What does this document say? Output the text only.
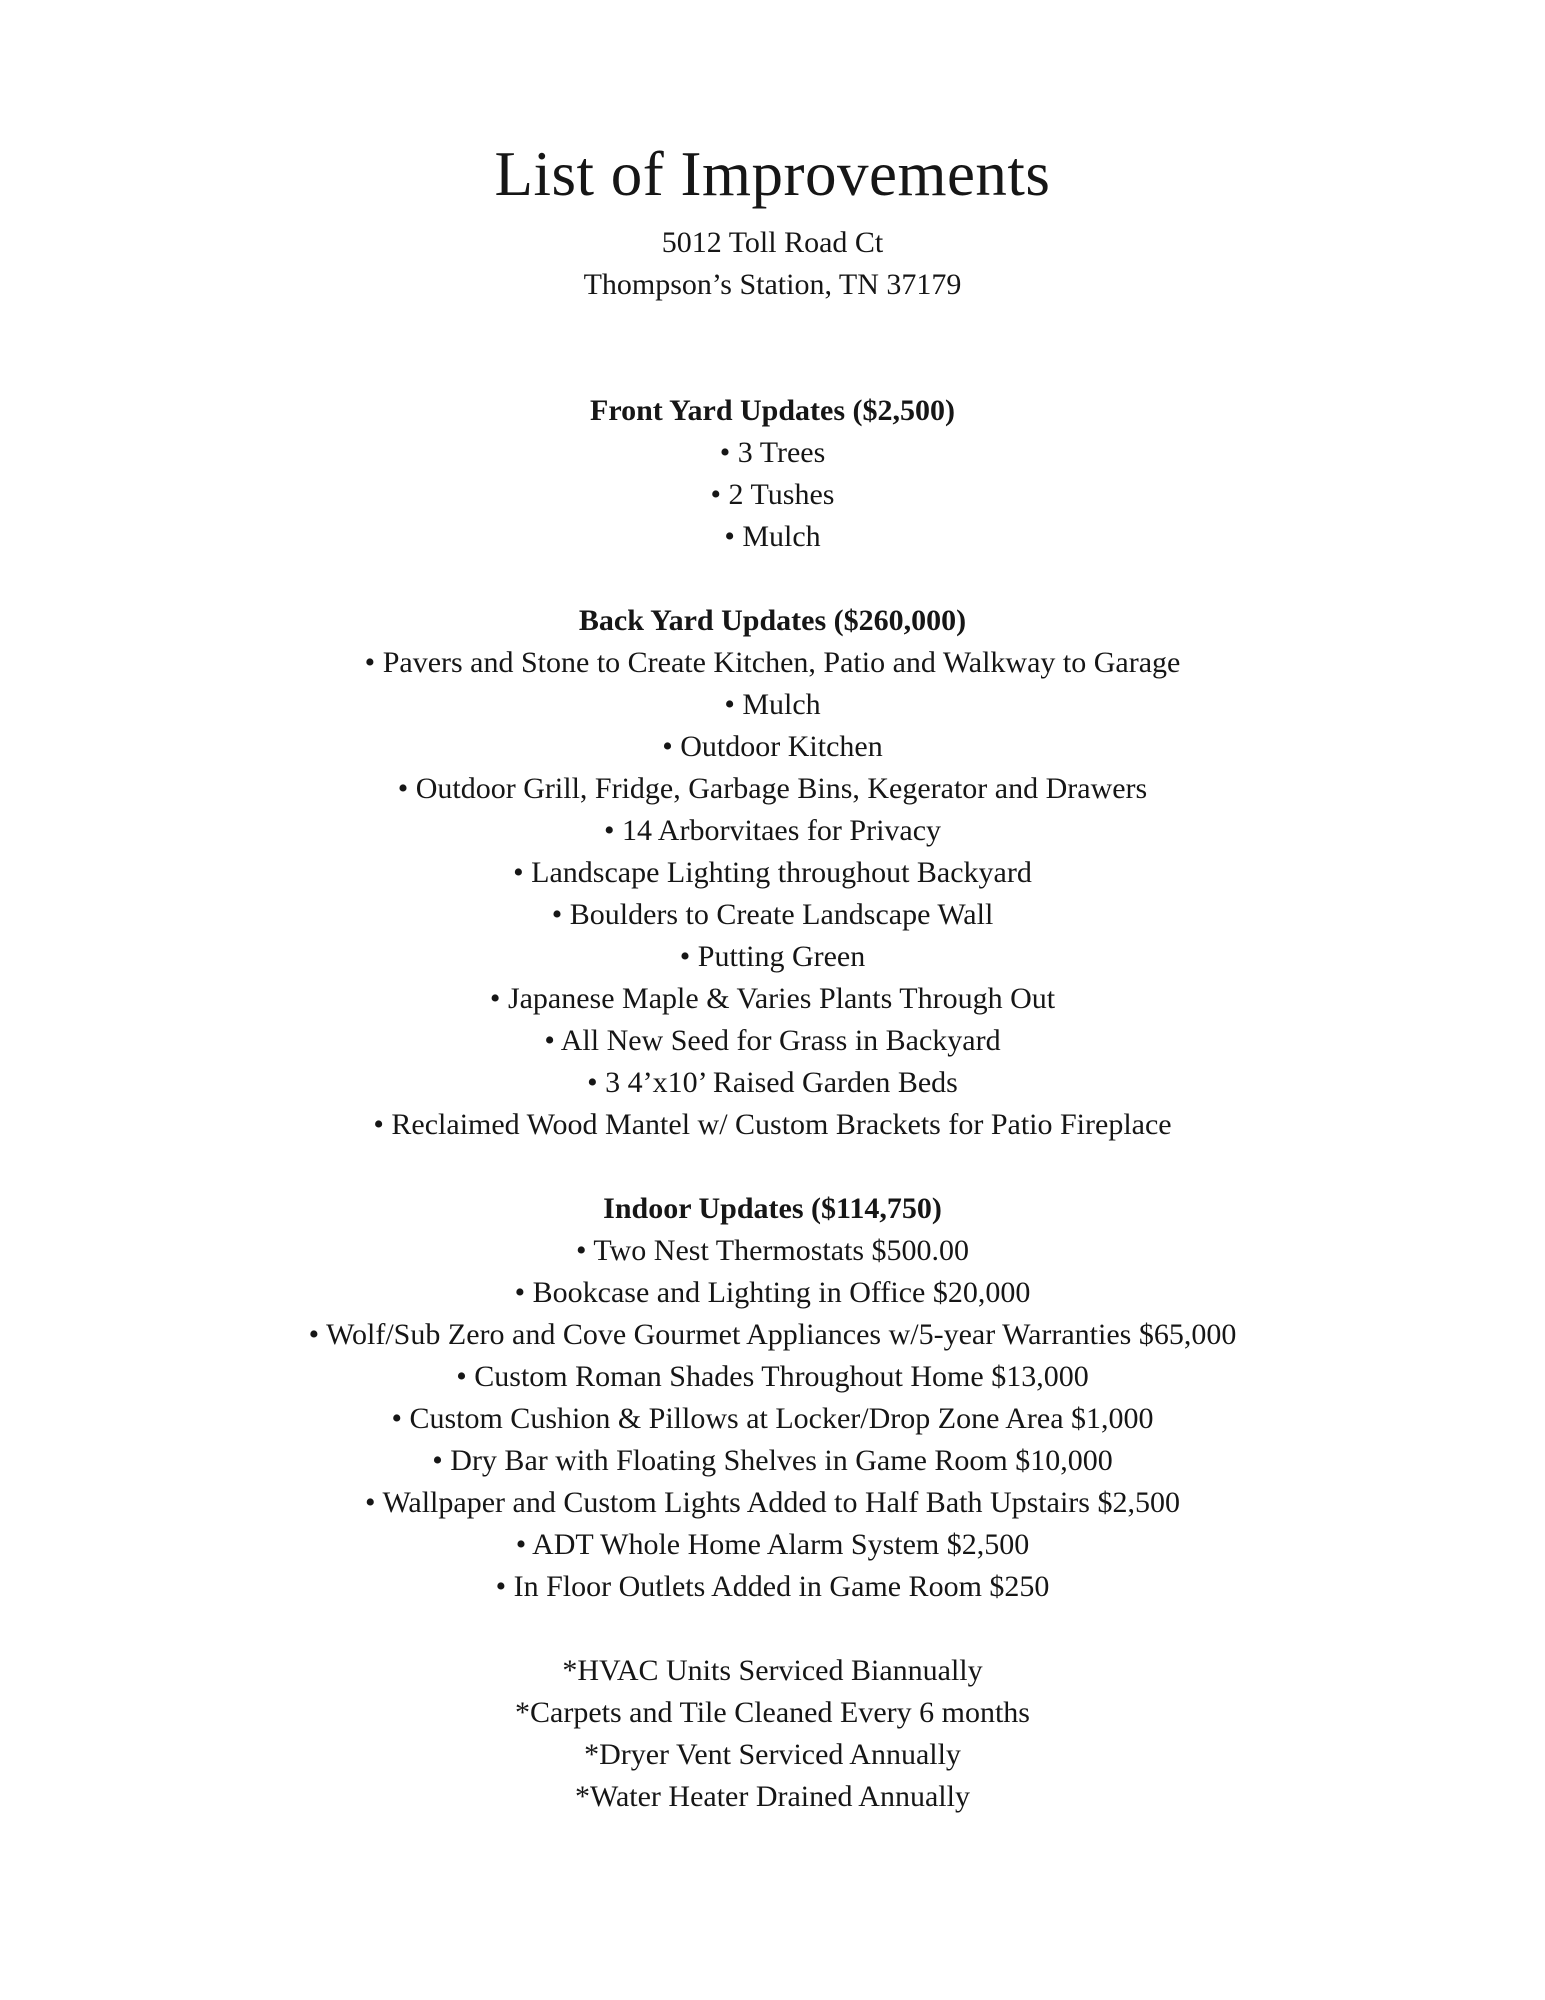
List of Improvements
5012 Toll Road Ct
Thompson’s Station, TN 37179
Front Yard Updates ($2,500)
• 3 Trees
• 2 Tushes
• Mulch
Back Yard Updates ($260,000)
• Pavers and Stone to Create Kitchen, Patio and Walkway to Garage
• Mulch
• Outdoor Kitchen
• Outdoor Grill, Fridge, Garbage Bins, Kegerator and Drawers
• 14 Arborvitaes for Privacy
• Landscape Lighting throughout Backyard
• Boulders to Create Landscape Wall
• Putting Green
• Japanese Maple & Varies Plants Through Out
• All New Seed for Grass in Backyard
• 3 4’x10’ Raised Garden Beds
• Reclaimed Wood Mantel w/ Custom Brackets for Patio Fireplace
Indoor Updates ($114,750)
• Two Nest Thermostats $500.00
• Bookcase and Lighting in Office $20,000
• Wolf/Sub Zero and Cove Gourmet Appliances w/5-year Warranties $65,000
• Custom Roman Shades Throughout Home $13,000
• Custom Cushion & Pillows at Locker/Drop Zone Area $1,000
• Dry Bar with Floating Shelves in Game Room $10,000
• Wallpaper and Custom Lights Added to Half Bath Upstairs $2,500
• ADT Whole Home Alarm System $2,500
• In Floor Outlets Added in Game Room $250
*HVAC Units Serviced Biannually
*Carpets and Tile Cleaned Every 6 months
*Dryer Vent Serviced Annually
*Water Heater Drained Annually
